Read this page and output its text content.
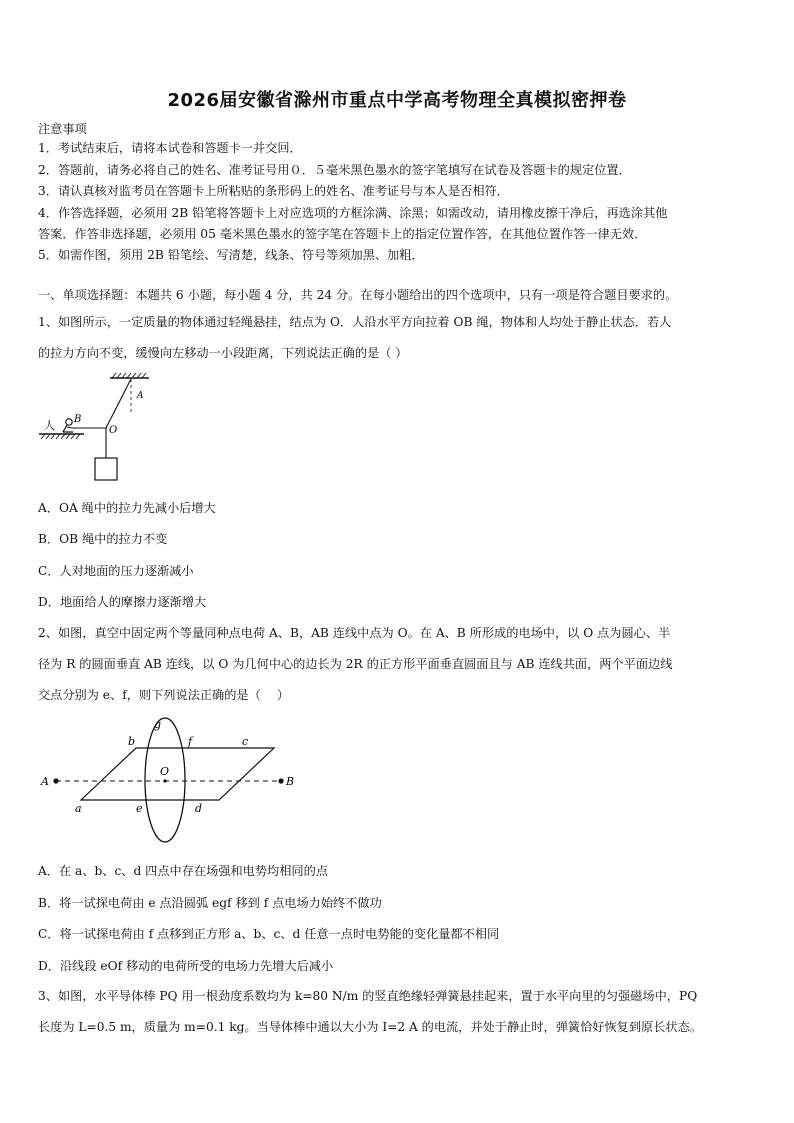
2026届安徽省滁州市重点中学高考物理全真模拟密押卷
注意事项
1．考试结束后，请将本试卷和答题卡一并交回．
2．答题前，请务必将自己的姓名、准考证号用０．５毫米黑色墨水的签字笔填写在试卷及答题卡的规定位置．
3．请认真核对监考员在答题卡上所粘贴的条形码上的姓名、准考证号与本人是否相符．
4．作答选择题，必须用 2B 铅笔将答题卡上对应选项的方框涂满、涂黑；如需改动，请用橡皮擦干净后，再选涂其他
答案．作答非选择题，必须用 05 毫米黑色墨水的签字笔在答题卡上的指定位置作答，在其他位置作答一律无效．
5．如需作图，须用 2B 铅笔绘、写清楚，线条、符号等须加黑、加粗．
一、单项选择题：本题共 6 小题，每小题 4 分，共 24 分。在每小题给出的四个选项中，只有一项是符合题目要求的。
1、如图所示，一定质量的物体通过轻绳悬挂，结点为 O．人沿水平方向拉着 OB 绳，物体和人均处于静止状态．若人
的拉力方向不变，缓慢向左移动一小段距离，下列说法正确的是（ ）
人 B
O
A
A．OA 绳中的拉力先减小后增大
B．OB 绳中的拉力不变
C．人对地面的压力逐渐减小
D．地面给人的摩擦力逐渐增大
2、如图，真空中固定两个等量同种点电荷 A、B，AB 连线中点为 O。在 A、B 所形成的电场中，以 O 点为圆心、半
径为 R 的圆面垂直 AB 连线，以 O 为几何中心的边长为 2R 的正方形平面垂直圆面且与 AB 连线共面，两个平面边线
交点分别为 e、f，则下列说法正确的是（　 ）
A	B
O
a
b	c
d
e
f
g
A．在 a、b、c、d 四点中存在场强和电势均相同的点
B．将一试探电荷由 e 点沿圆弧 egf 移到 f 点电场力始终不做功
C．将一试探电荷由 f 点移到正方形 a、b、c、d 任意一点时电势能的变化量都不相同
D．沿线段 eOf 移动的电荷所受的电场力先增大后减小
3、如图，水平导体棒 PQ 用一根劲度系数均为 k=80 N/m 的竖直绝缘轻弹簧悬挂起来，置于水平向里的匀强磁场中，PQ
长度为 L=0.5 m，质量为 m=0.1 kg。当导体棒中通以大小为 I=2 A 的电流，并处于静止时，弹簧恰好恢复到原长状态。
